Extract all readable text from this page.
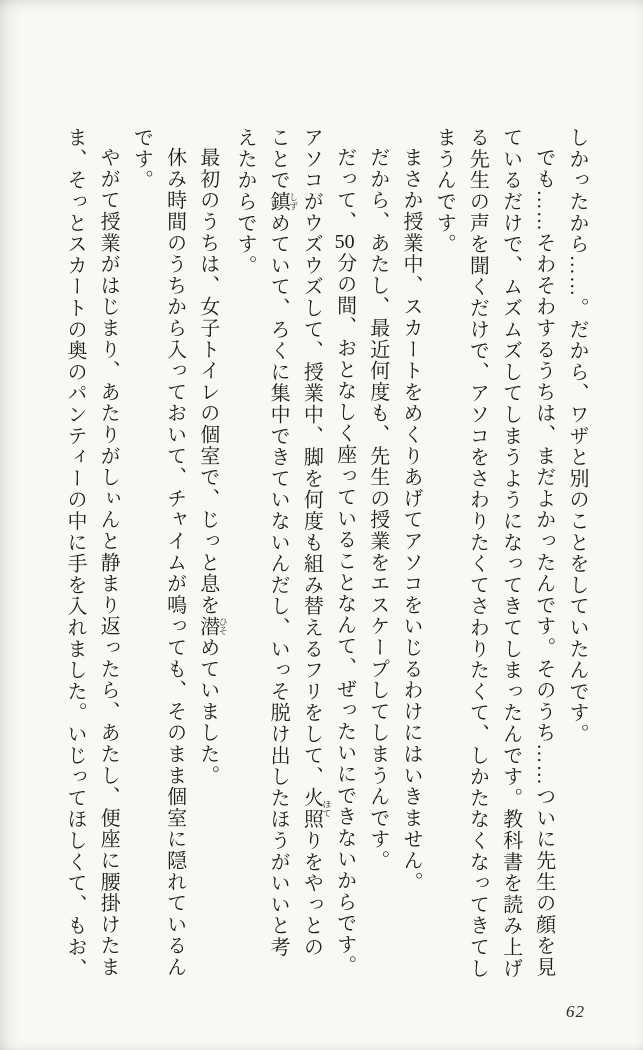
しかったから……。だから、ワザと別のことをしていたんです。

でも……そわそわするうちは、まだよかったんです。そのうち……ついに先生の顔を見ているだけで、ムズムズしてしまうようになってきてしまったんです。教科書を読み上げる先生の声を聞くだけで、アソコをさわりたくてさわりたくて、しかたなくなってきてしまうんです。

まさか授業中、スカートをめくりあげてアソコをいじるわけにはいきません。

だから、あたし、最近何度も、先生の授業をエスケープしてしまうんです。

だって、50分の間、おとなしく座っていることなんて、ぜったいにできないからです。アソコがウズウズして、授業中、脚を何度も組み替えるフリをして、火照 ほてりをやっとのことで鎮 しずめていて、ろくに集中できていないんだし、いっそ脱け出したほうがいいと考えたからです。

最初のうちは、女子トイレの個室で、じっと息を潜 ひそめていました。

休み時間のうちから入っておいて、チャイムが鳴っても、そのまま個室に隠れているんです。

やがて授業がはじまり、あたりがしぃんと静まり返ったら、あたし、便座に腰掛けたまま、そっとスカートの奥のパンティーの中に手を入れました。いじってほしくて、もお、

62
